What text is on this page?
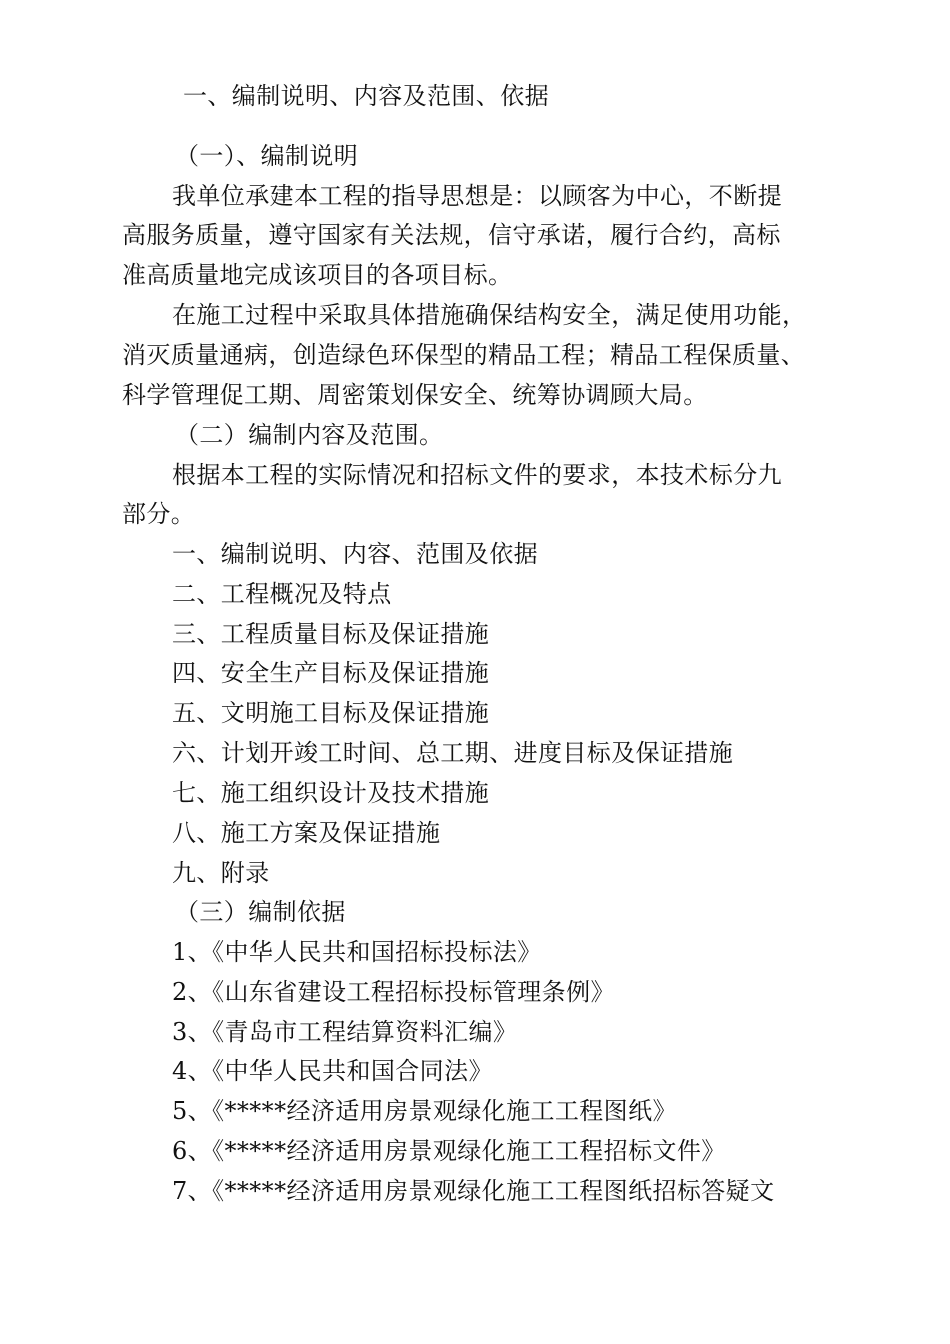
一、编制说明、内容及范围、依据
（一）、编制说明
我单位承建本工程的指导思想是：以顾客为中心，不断提
高服务质量，遵守国家有关法规，信守承诺，履行合约，高标
准高质量地完成该项目的各项目标。
在施工过程中采取具体措施确保结构安全，满足使用功能，
消灭质量通病，创造绿色环保型的精品工程；精品工程保质量、
科学管理促工期、周密策划保安全、统筹协调顾大局。
（二）编制内容及范围。
根据本工程的实际情况和招标文件的要求，本技术标分九
部分。
一、编制说明、内容、范围及依据
二、工程概况及特点
三、工程质量目标及保证措施
四、安全生产目标及保证措施
五、文明施工目标及保证措施
六、计划开竣工时间、总工期、进度目标及保证措施
七、施工组织设计及技术措施
八、施工方案及保证措施
九、附录
（三）编制依据
1、《中华人民共和国招标投标法》
2、《山东省建设工程招标投标管理条例》
3、《青岛市工程结算资料汇编》
4、《中华人民共和国合同法》
5、《*****经济适用房景观绿化施工工程图纸》
6、《*****经济适用房景观绿化施工工程招标文件》
7、《*****经济适用房景观绿化施工工程图纸招标答疑文
